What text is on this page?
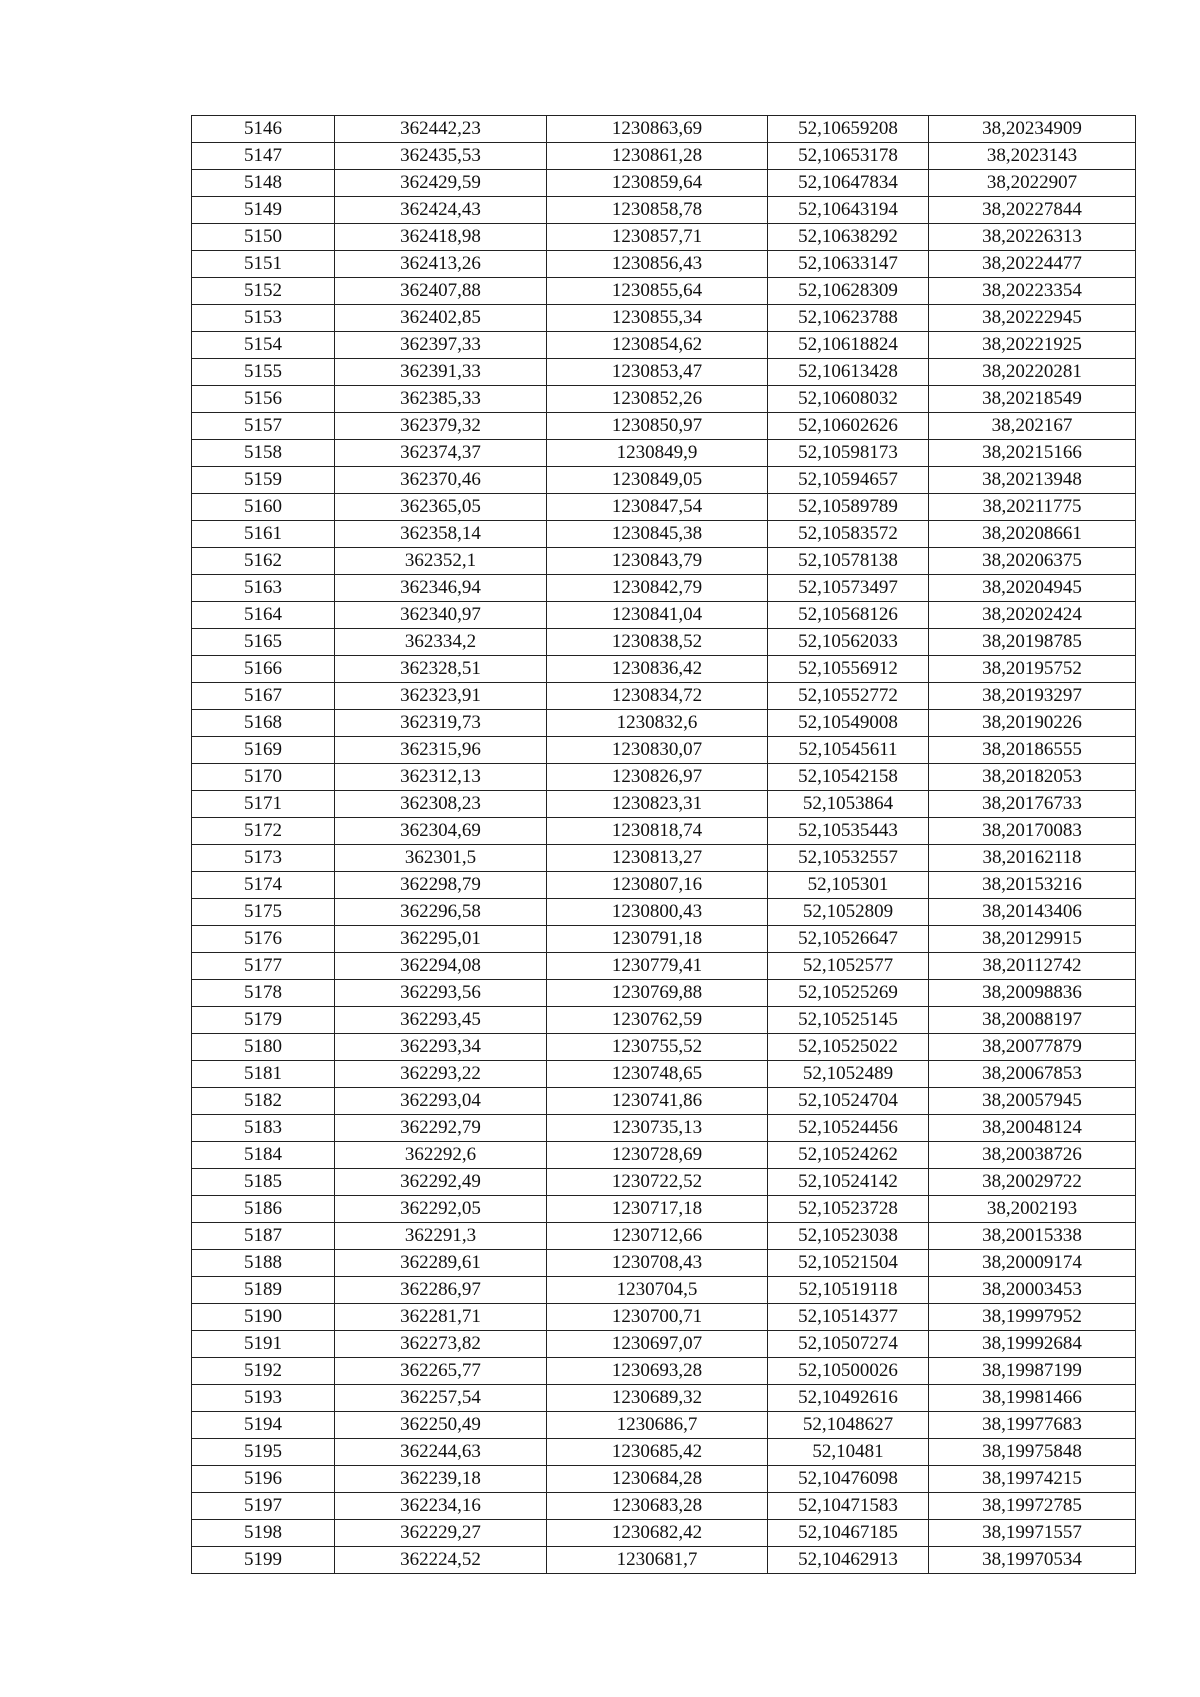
5146	362442,23	1230863,69	52,10659208	38,20234909
5147	362435,53	1230861,28	52,10653178	38,2023143
5148	362429,59	1230859,64	52,10647834	38,2022907
5149	362424,43	1230858,78	52,10643194	38,20227844
5150	362418,98	1230857,71	52,10638292	38,20226313
5151	362413,26	1230856,43	52,10633147	38,20224477
5152	362407,88	1230855,64	52,10628309	38,20223354
5153	362402,85	1230855,34	52,10623788	38,20222945
5154	362397,33	1230854,62	52,10618824	38,20221925
5155	362391,33	1230853,47	52,10613428	38,20220281
5156	362385,33	1230852,26	52,10608032	38,20218549
5157	362379,32	1230850,97	52,10602626	38,202167
5158	362374,37	1230849,9	52,10598173	38,20215166
5159	362370,46	1230849,05	52,10594657	38,20213948
5160	362365,05	1230847,54	52,10589789	38,20211775
5161	362358,14	1230845,38	52,10583572	38,20208661
5162	362352,1	1230843,79	52,10578138	38,20206375
5163	362346,94	1230842,79	52,10573497	38,20204945
5164	362340,97	1230841,04	52,10568126	38,20202424
5165	362334,2	1230838,52	52,10562033	38,20198785
5166	362328,51	1230836,42	52,10556912	38,20195752
5167	362323,91	1230834,72	52,10552772	38,20193297
5168	362319,73	1230832,6	52,10549008	38,20190226
5169	362315,96	1230830,07	52,10545611	38,20186555
5170	362312,13	1230826,97	52,10542158	38,20182053
5171	362308,23	1230823,31	52,1053864	38,20176733
5172	362304,69	1230818,74	52,10535443	38,20170083
5173	362301,5	1230813,27	52,10532557	38,20162118
5174	362298,79	1230807,16	52,105301	38,20153216
5175	362296,58	1230800,43	52,1052809	38,20143406
5176	362295,01	1230791,18	52,10526647	38,20129915
5177	362294,08	1230779,41	52,1052577	38,20112742
5178	362293,56	1230769,88	52,10525269	38,20098836
5179	362293,45	1230762,59	52,10525145	38,20088197
5180	362293,34	1230755,52	52,10525022	38,20077879
5181	362293,22	1230748,65	52,1052489	38,20067853
5182	362293,04	1230741,86	52,10524704	38,20057945
5183	362292,79	1230735,13	52,10524456	38,20048124
5184	362292,6	1230728,69	52,10524262	38,20038726
5185	362292,49	1230722,52	52,10524142	38,20029722
5186	362292,05	1230717,18	52,10523728	38,2002193
5187	362291,3	1230712,66	52,10523038	38,20015338
5188	362289,61	1230708,43	52,10521504	38,20009174
5189	362286,97	1230704,5	52,10519118	38,20003453
5190	362281,71	1230700,71	52,10514377	38,19997952
5191	362273,82	1230697,07	52,10507274	38,19992684
5192	362265,77	1230693,28	52,10500026	38,19987199
5193	362257,54	1230689,32	52,10492616	38,19981466
5194	362250,49	1230686,7	52,1048627	38,19977683
5195	362244,63	1230685,42	52,10481	38,19975848
5196	362239,18	1230684,28	52,10476098	38,19974215
5197	362234,16	1230683,28	52,10471583	38,19972785
5198	362229,27	1230682,42	52,10467185	38,19971557
5199	362224,52	1230681,7	52,10462913	38,19970534
